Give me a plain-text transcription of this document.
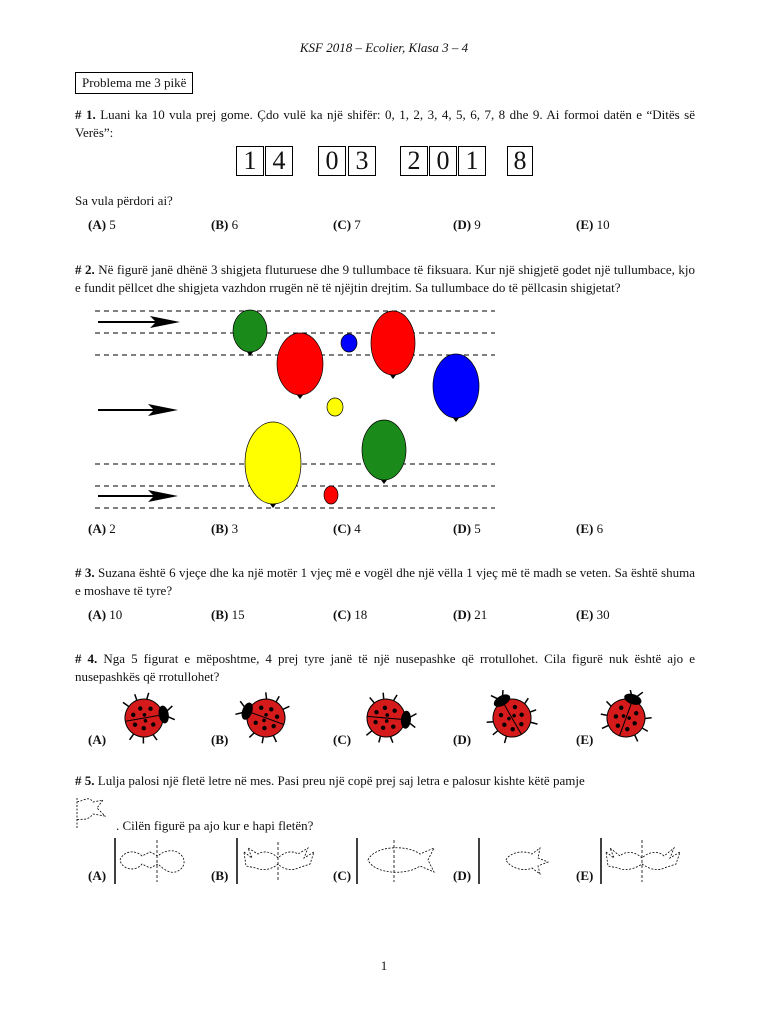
KSF 2018 – Ecolier, Klasa 3 – 4
Problema me 3 pikë
# 1. Luani ka 10 vula prej gome. Çdo vulë ka një shifër: 0, 1, 2, 3, 4, 5, 6, 7, 8 dhe 9. Ai formoi datën e “Ditës së Verës”:
1 4 0 3 2 0 1 8
Sa vula përdori ai?
(A) 5	(B) 6	(C) 7	(D) 9	(E) 10
# 2. Në figurë janë dhënë 3 shigjeta fluturuese dhe 9 tullumbace të fiksuara. Kur një shigjetë godet një tullumbace, kjo e fundit pëllcet dhe shigjeta vazhdon rrugën në të njëjtin drejtim. Sa tullumbace do të pëllcasin shigjetat?
(A) 2	(B) 3	(C) 4	(D) 5	(E) 6
# 3. Suzana është 6 vjeçe dhe ka një motër 1 vjeç më e vogël dhe një vëlla 1 vjeç më të madh se veten. Sa është shuma e moshave të tyre?
(A) 10	(B) 15	(C) 18	(D) 21	(E) 30
# 4. Nga 5 figurat e mëposhtme, 4 prej tyre janë të një nusepashke që rrotullohet. Cila figurë nuk është ajo e nusepashkës që rrotullohet?
(A)	(B)	(C)	(D)	(E)
# 5. Lulja palosi një fletë letre në mes. Pasi preu një copë prej saj letra e palosur kishte këtë pamje
. Cilën figurë pa ajo kur e hapi fletën?
(A)	(B)	(C)	(D)	(E)
1
